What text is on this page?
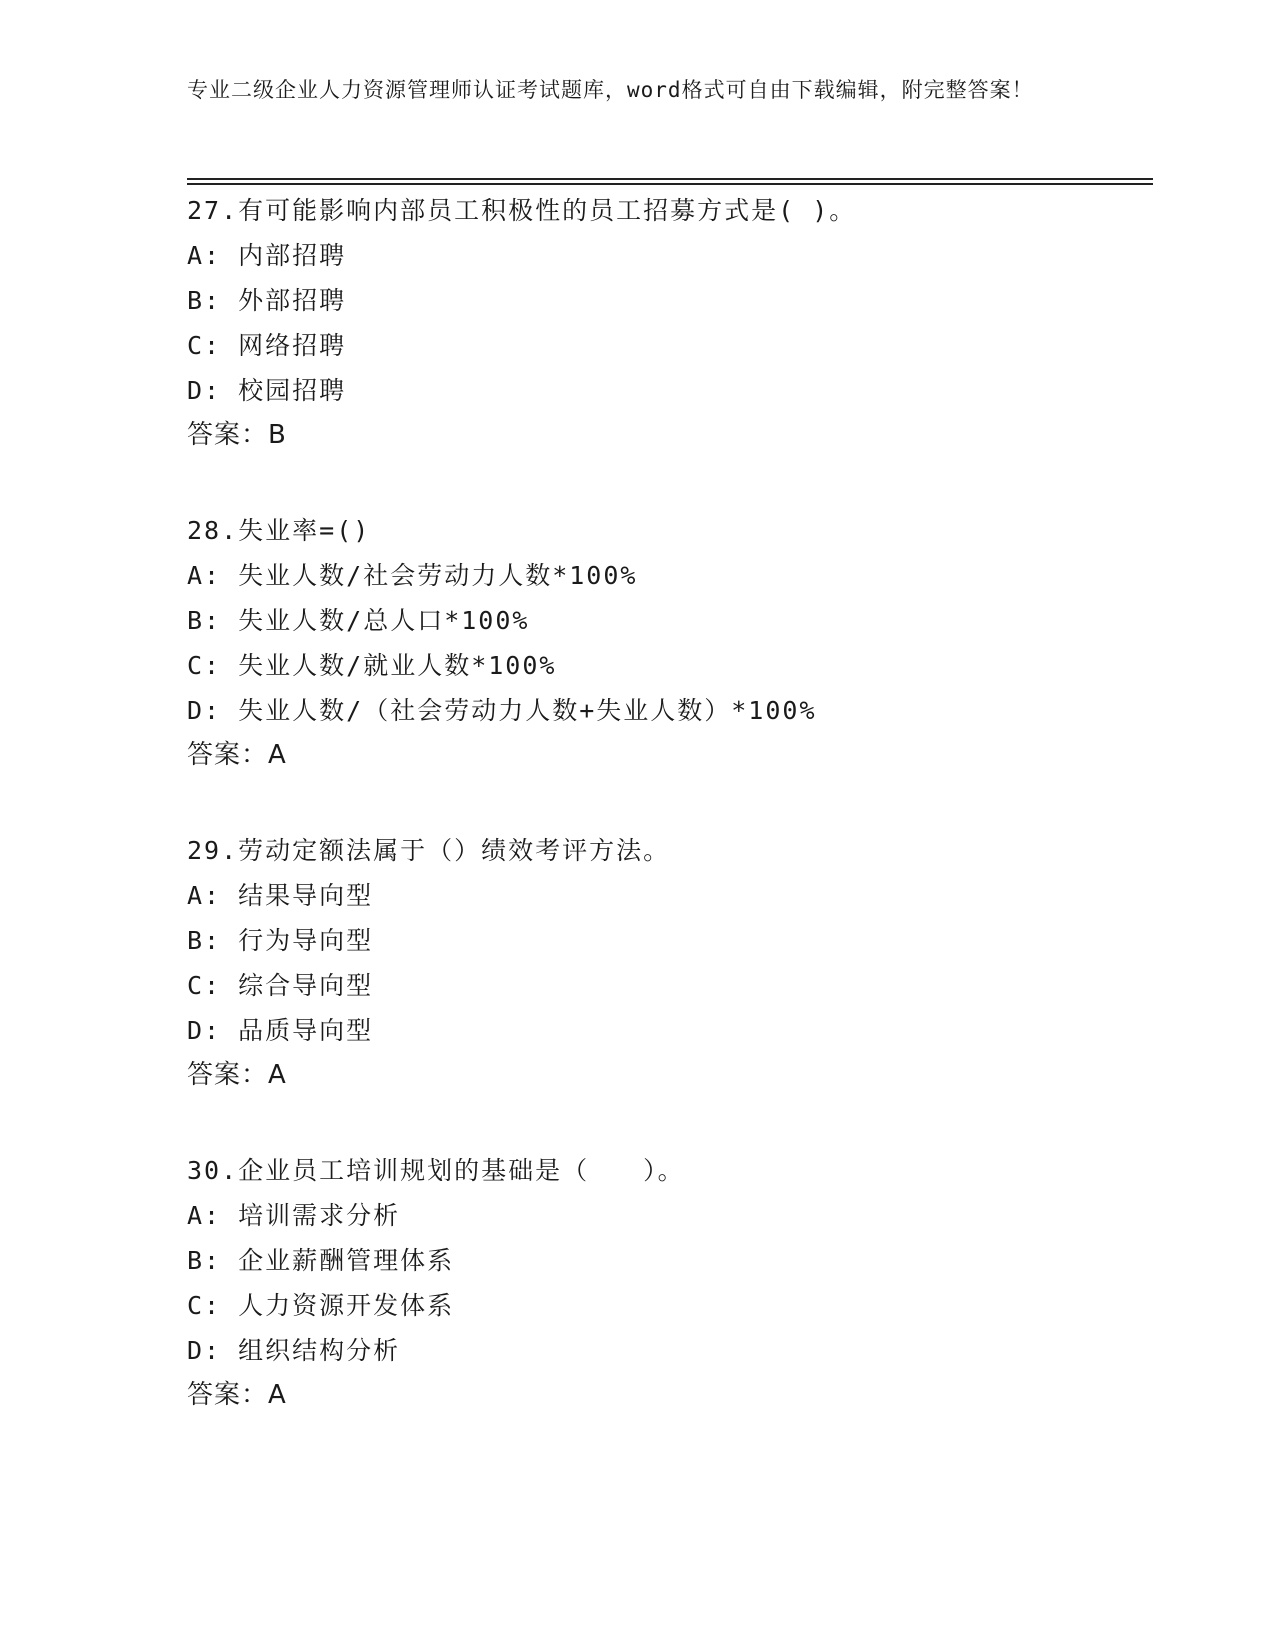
专业二级企业人力资源管理师认证考试题库，word格式可自由下载编辑，附完整答案！
27.有可能影响内部员工积极性的员工招募方式是( )。
A: 内部招聘
B: 外部招聘
C: 网络招聘
D: 校园招聘
答案：B
28.失业率=()
A: 失业人数/社会劳动力人数*100%
B: 失业人数/总人口*100%
C: 失业人数/就业人数*100%
D: 失业人数/（社会劳动力人数+失业人数）*100%
答案：A
29.劳动定额法属于（）绩效考评方法。
A: 结果导向型
B: 行为导向型
C: 综合导向型
D: 品质导向型
答案：A
30.企业员工培训规划的基础是（　　）。
A: 培训需求分析
B: 企业薪酬管理体系
C: 人力资源开发体系
D: 组织结构分析
答案：A
